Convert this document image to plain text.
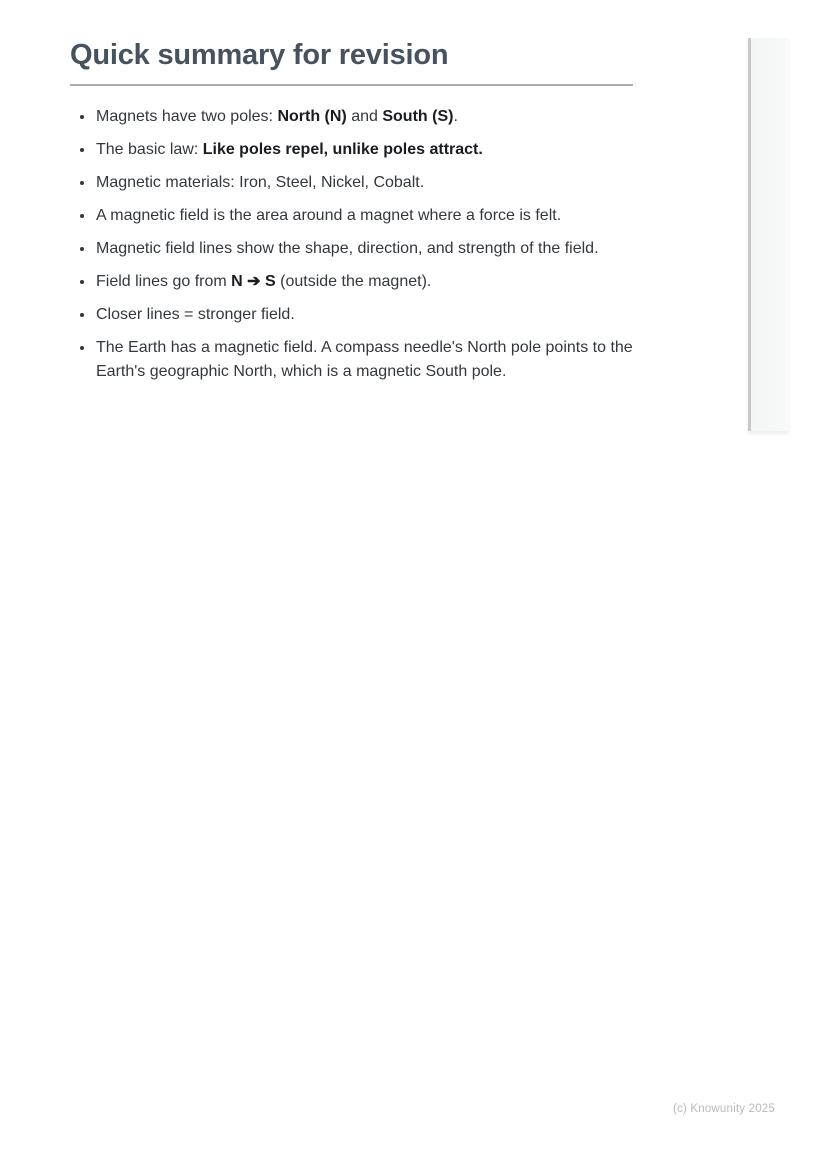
Quick summary for revision
• Magnets have two poles: North (N) and South (S).
• The basic law: Like poles repel, unlike poles attract.
• Magnetic materials: Iron, Steel, Nickel, Cobalt.
• A magnetic field is the area around a magnet where a force is felt.
• Magnetic field lines show the shape, direction, and strength of the field.
• Field lines go from N ➔ S (outside the magnet).
• Closer lines = stronger field.
• The Earth has a magnetic field. A compass needle's North pole points to the Earth's geographic North, which is a magnetic South pole.
(c) Knowunity 2025
